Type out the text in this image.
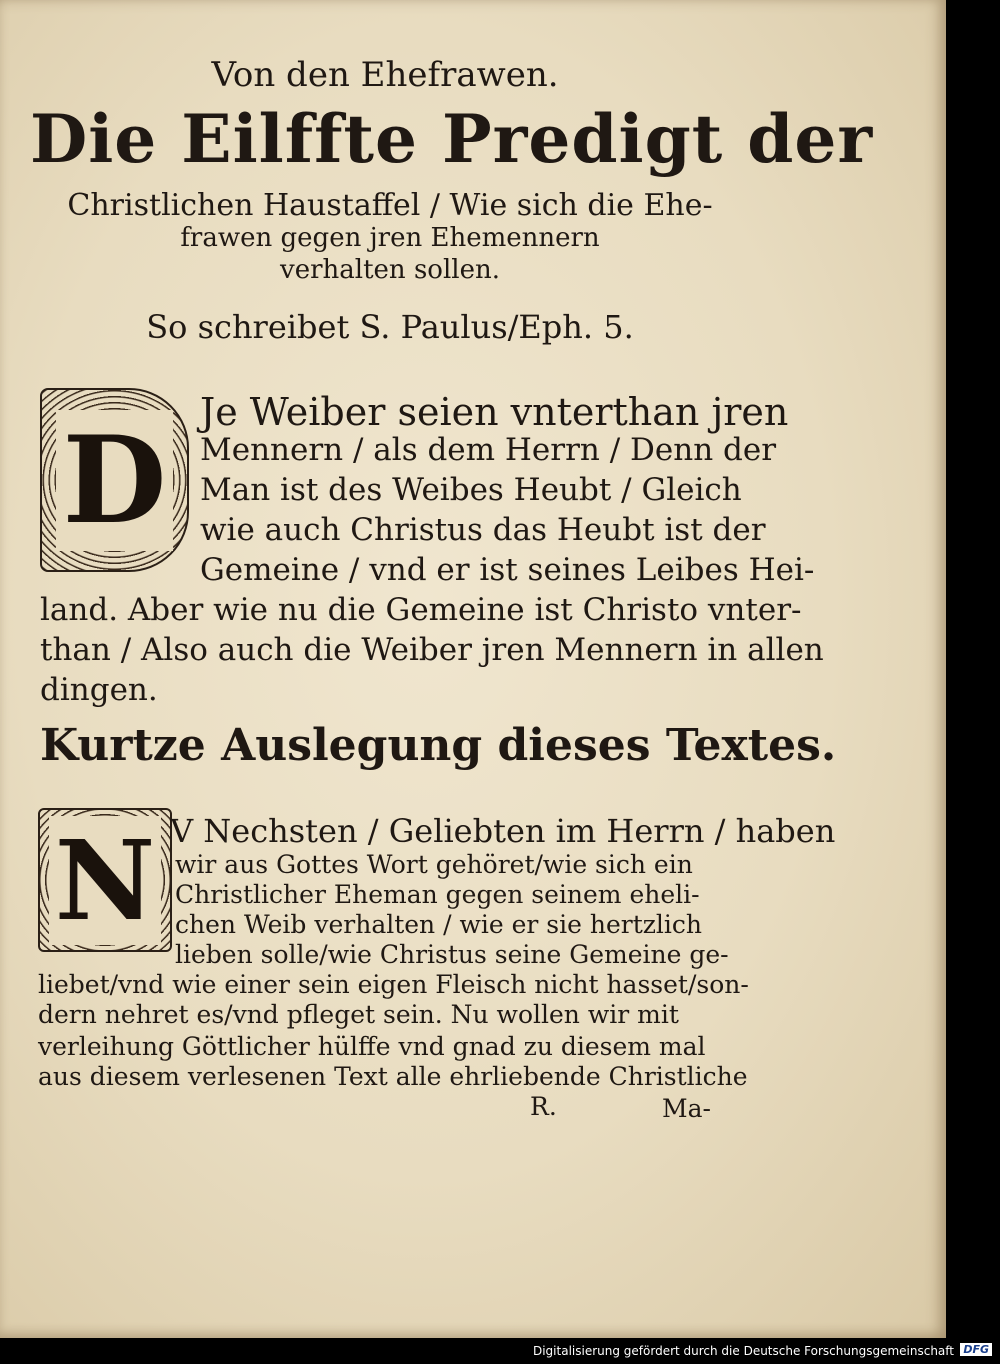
Von den Ehefrawen.
Die Eilffte Predigt der
Christlichen Haustaffel / Wie sich die Ehe-
frawen gegen jren Ehemennern
verhalten sollen.
So schreibet S. Paulus/Eph. 5.
D Je Weiber seien vnterthan jren
Mennern / als dem Herrn / Denn der
Man ist des Weibes Heubt / Gleich
wie auch Christus das Heubt ist der
Gemeine / vnd er ist seines Leibes Hei-
land. Aber wie nu die Gemeine ist Christo vnter-
than / Also auch die Weiber jren Mennern in allen
dingen.
Kurtze Auslegung dieses Textes.
N V Nechsten / Geliebten im Herrn / haben
wir aus Gottes Wort gehöret/wie sich ein
Christlicher Eheman gegen seinem eheli-
chen Weib verhalten / wie er sie hertzlich
lieben solle/wie Christus seine Gemeine ge-
liebet/vnd wie einer sein eigen Fleisch nicht hasset/son-
dern nehret es/vnd pfleget sein. Nu wollen wir mit
verleihung Göttlicher hülffe vnd gnad zu diesem mal
aus diesem verlesenen Text alle ehrliebende Christliche
R.	Ma-
Digitalisierung gefördert durch die Deutsche Forschungsgemeinschaft DFG
